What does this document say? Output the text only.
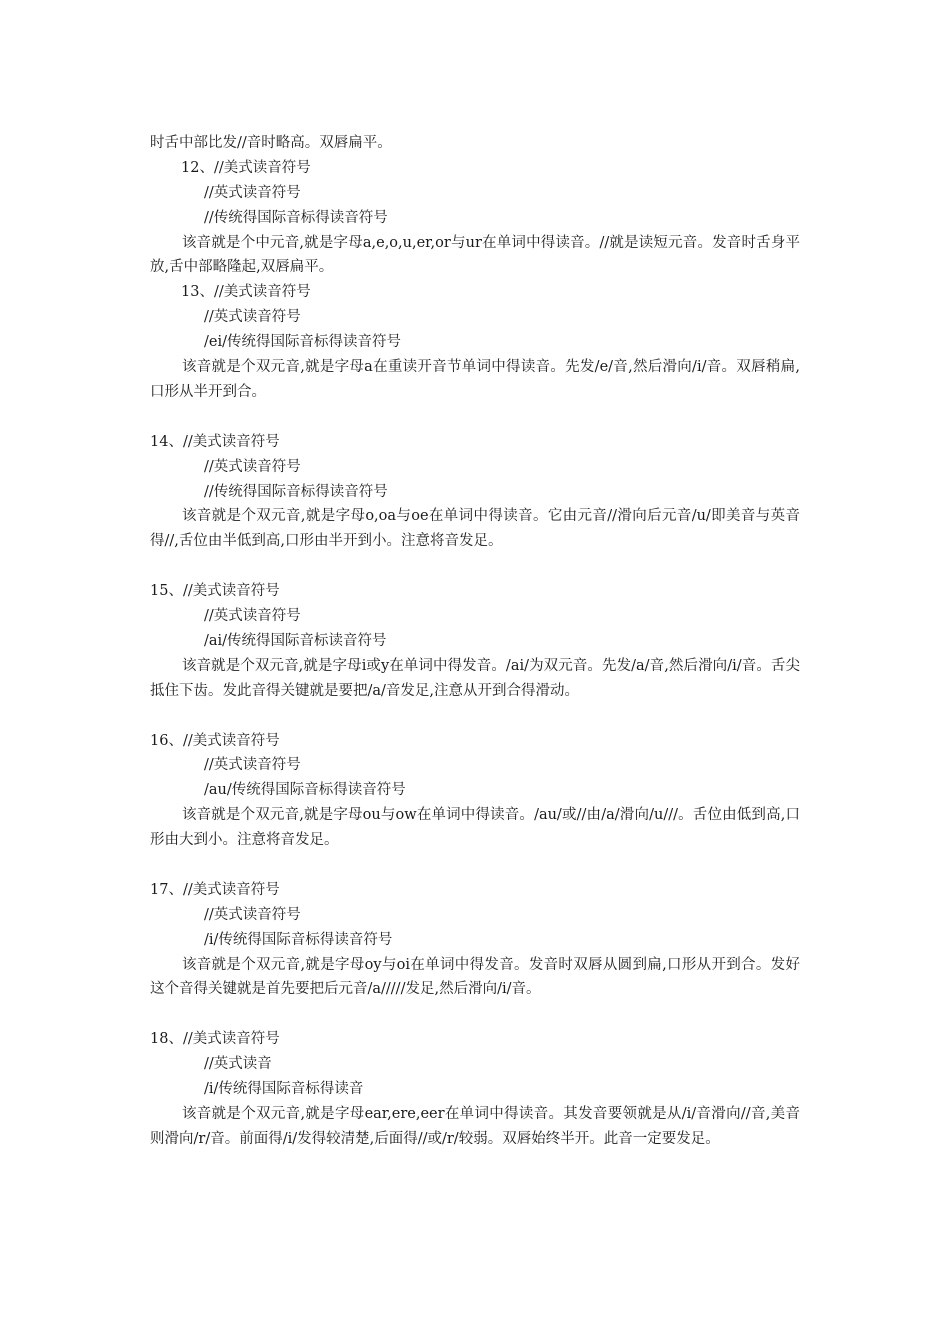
时舌中部比发//音时略高。双唇扁平。
12、//美式读音符号
//英式读音符号
//传统得国际音标得读音符号
该音就是个中元音,就是字母a,e,o,u,er,or与ur在单词中得读音。//就是读短元音。发音时舌身平放,舌中部略隆起,双唇扁平。
13、//美式读音符号
//英式读音符号
/ei/传统得国际音标得读音符号
该音就是个双元音,就是字母a在重读开音节单词中得读音。先发/e/音,然后滑向/i/音。双唇稍扁,口形从半开到合。
14、//美式读音符号
//英式读音符号
//传统得国际音标得读音符号
该音就是个双元音,就是字母o,oa与oe在单词中得读音。它由元音//滑向后元音/u/即美音与英音得//,舌位由半低到高,口形由半开到小。注意将音发足。
15、//美式读音符号
//英式读音符号
/ai/传统得国际音标读音符号
该音就是个双元音,就是字母i或y在单词中得发音。/ai/为双元音。先发/a/音,然后滑向/i/音。舌尖抵住下齿。发此音得关键就是要把/a/音发足,注意从开到合得滑动。
16、//美式读音符号
//英式读音符号
/au/传统得国际音标得读音符号
该音就是个双元音,就是字母ou与ow在单词中得读音。/au/或//由/a/滑向/u///。舌位由低到高,口形由大到小。注意将音发足。
17、//美式读音符号
//英式读音符号
/i/传统得国际音标得读音符号
该音就是个双元音,就是字母oy与oi在单词中得发音。发音时双唇从圆到扁,口形从开到合。发好这个音得关键就是首先要把后元音/a/////发足,然后滑向/i/音。
18、//美式读音符号
//英式读音
/i/传统得国际音标得读音
该音就是个双元音,就是字母ear,ere,eer在单词中得读音。其发音要领就是从/i/音滑向//音,美音则滑向/r/音。前面得/i/发得较清楚,后面得//或/r/较弱。双唇始终半开。此音一定要发足。
